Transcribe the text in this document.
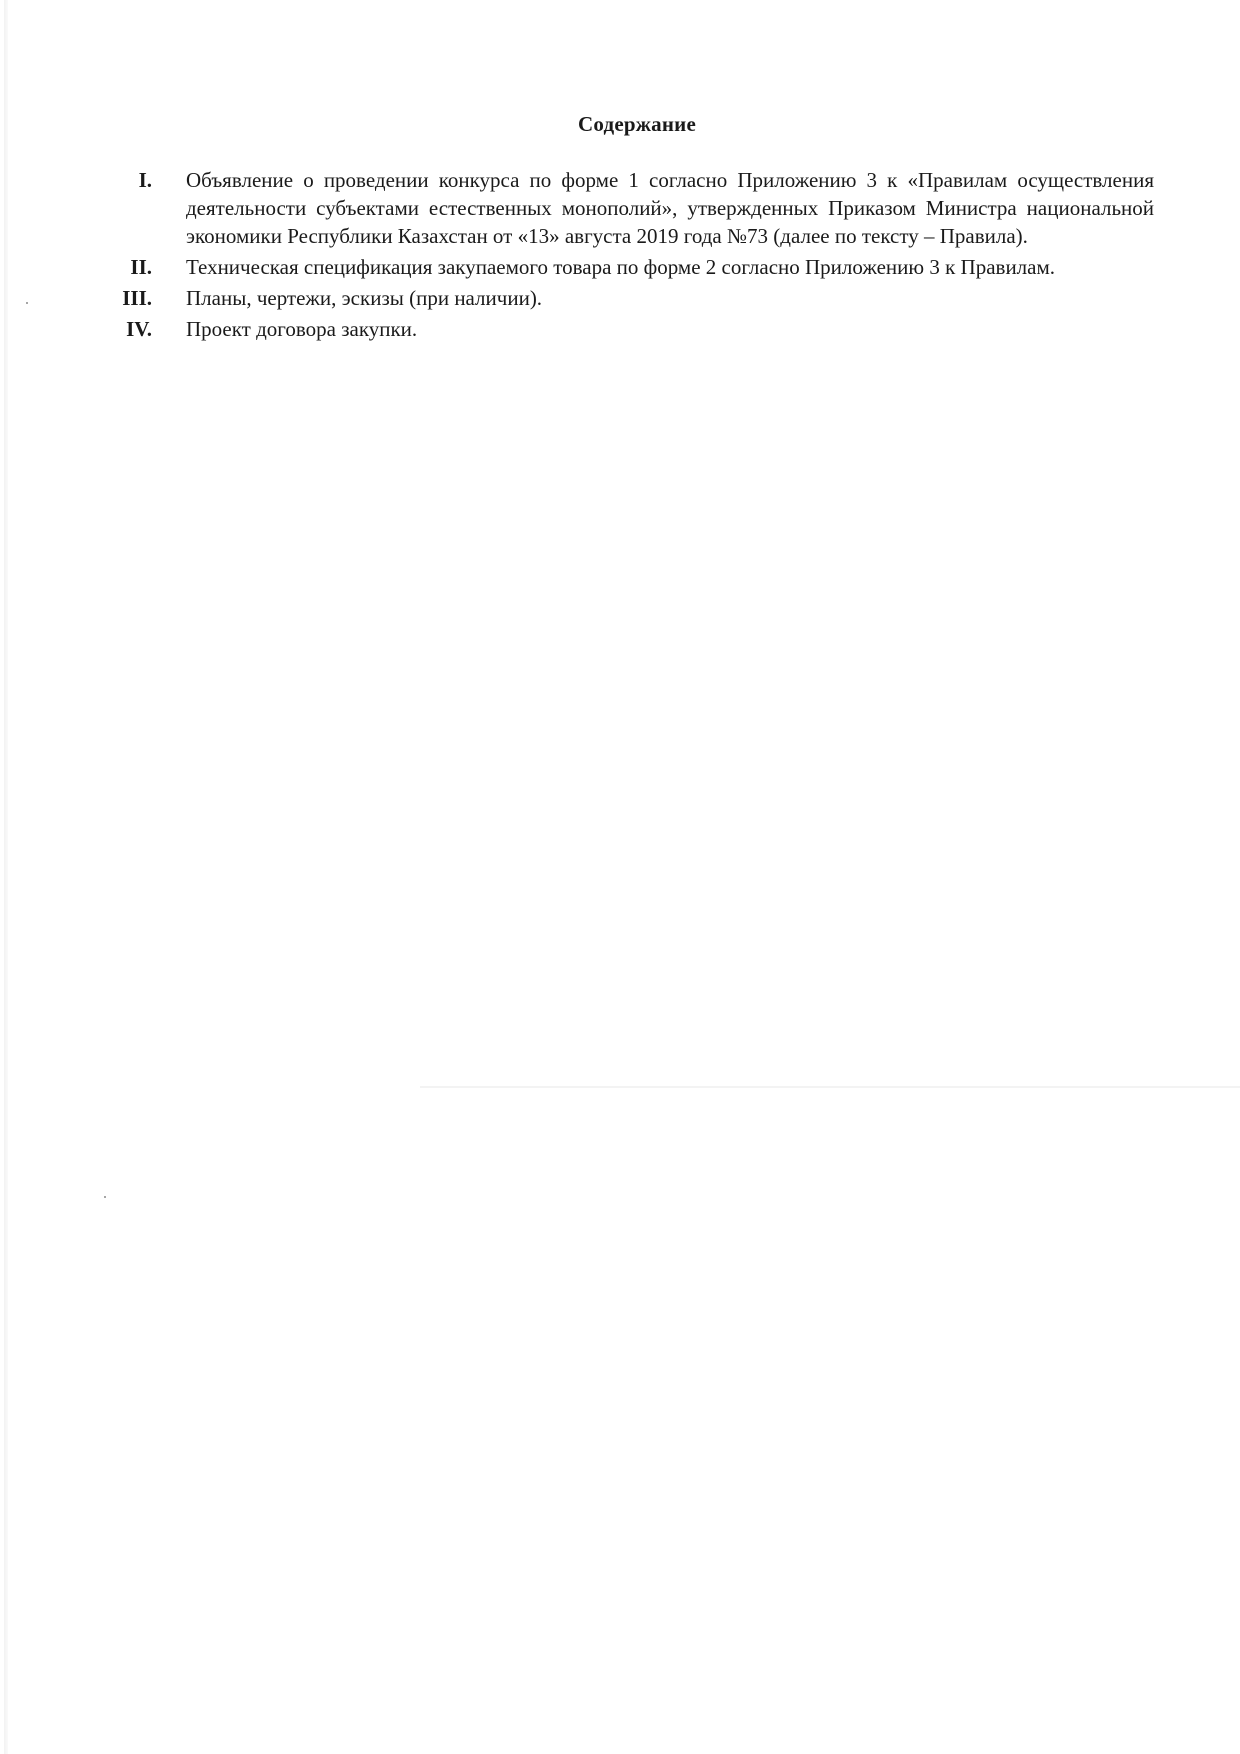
Содержание
I. Объявление о проведении конкурса по форме 1 согласно Приложению 3 к «Правилам осуществления деятельности субъектами естественных монополий», утвержденных Приказом Министра национальной экономики Республики Казахстан от «13» августа 2019 года №73 (далее по тексту – Правила).
II. Техническая спецификация закупаемого товара по форме 2 согласно Приложению 3 к Правилам.
III. Планы, чертежи, эскизы (при наличии).
IV. Проект договора закупки.
